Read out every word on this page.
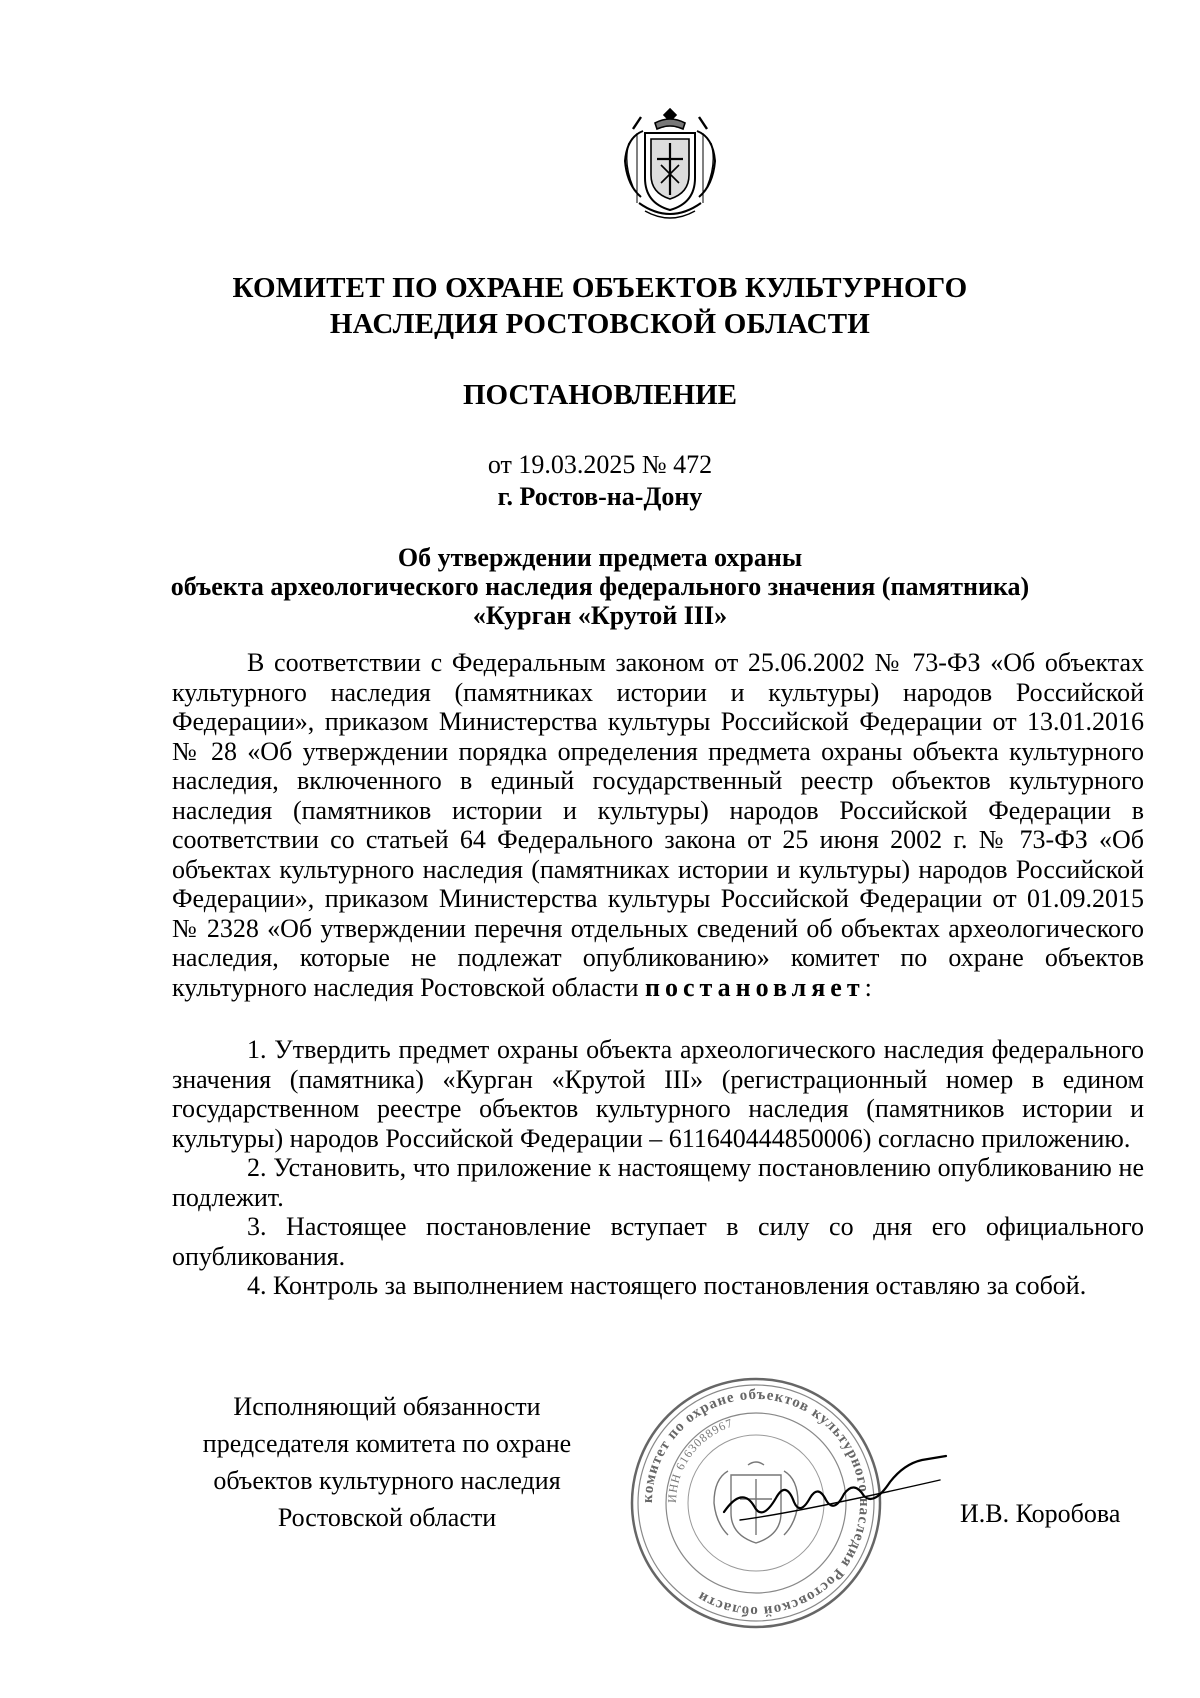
КОМИТЕТ ПО ОХРАНЕ ОБЪЕКТОВ КУЛЬТУРНОГО
НАСЛЕДИЯ РОСТОВСКОЙ ОБЛАСТИ
ПОСТАНОВЛЕНИЕ
от 19.03.2025 № 472
г. Ростов-на-Дону
Об утверждении предмета охраны
объекта археологического наследия федерального значения (памятника)
«Курган «Крутой III»

В соответствии с Федеральным законом от 25.06.2002 № 73-ФЗ «Об объектах культурного наследия (памятниках истории и культуры) народов Российской Федерации», приказом Министерства культуры Российской Федерации от 13.01.2016 № 28 «Об утверждении порядка определения предмета охраны объекта культурного наследия, включенного в единый государственный реестр объектов культурного наследия (памятников истории и культуры) народов Российской Федерации в соответствии со статьей 64 Федерального закона от 25 июня 2002 г. № 73-ФЗ «Об объектах культурного наследия (памятниках истории и культуры) народов Российской Федерации», приказом Министерства культуры Российской Федерации от 01.09.2015 № 2328 «Об утверждении перечня отдельных сведений об объектах археологического наследия, которые не подлежат опубликованию» комитет по охране объектов культурного наследия Ростовской области постановляет:

1. Утвердить предмет охраны объекта археологического наследия федерального значения (памятника) «Курган «Крутой III» (регистрационный номер в едином государственном реестре объектов культурного наследия (памятников истории и культуры) народов Российской Федерации – 611640444850006) согласно приложению.

2. Установить, что приложение к настоящему постановлению опубликованию не подлежит.

3. Настоящее постановление вступает в силу со дня его официального опубликования.

4. Контроль за выполнением настоящего постановления оставляю за собой.

Исполняющий обязанности
председателя комитета по охране
объектов культурного наследия
Ростовской области
комитет по охране объектов культурного наследия Ростовской области
ИНН 6163088967
И.В. Коробова
